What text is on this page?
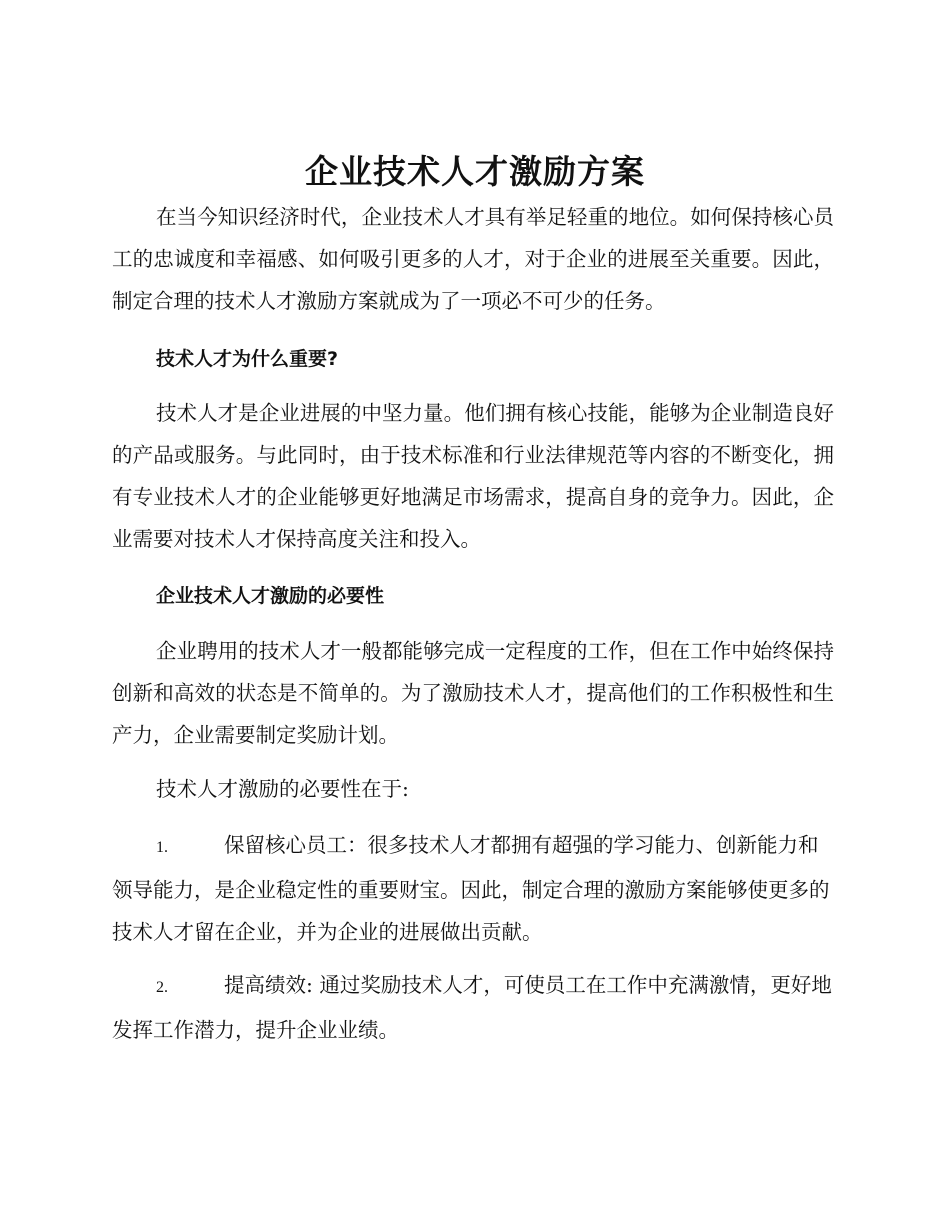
企业技术人才激励方案

在当今知识经济时代，企业技术人才具有举足轻重的地位。如何保持核心员工的忠诚度和幸福感、如何吸引更多的人才，对于企业的进展至关重要。因此，制定合理的技术人才激励方案就成为了一项必不可少的任务。

技术人才为什么重要?

技术人才是企业进展的中坚力量。他们拥有核心技能，能够为企业制造良好的产品或服务。与此同时，由于技术标准和行业法律规范等内容的不断变化，拥有专业技术人才的企业能够更好地满足市场需求，提高自身的竞争力。因此，企业需要对技术人才保持高度关注和投入。

企业技术人才激励的必要性

企业聘用的技术人才一般都能够完成一定程度的工作，但在工作中始终保持创新和高效的状态是不简单的。为了激励技术人才，提高他们的工作积极性和生产力，企业需要制定奖励计划。

技术人才激励的必要性在于:

1.	保留核心员工：很多技术人才都拥有超强的学习能力、创新能力和领导能力，是企业稳定性的重要财宝。因此，制定合理的激励方案能够使更多的技术人才留在企业，并为企业的进展做出贡献。

2.	提高绩效: 通过奖励技术人才，可使员工在工作中充满激情，更好地发挥工作潜力，提升企业业绩。
